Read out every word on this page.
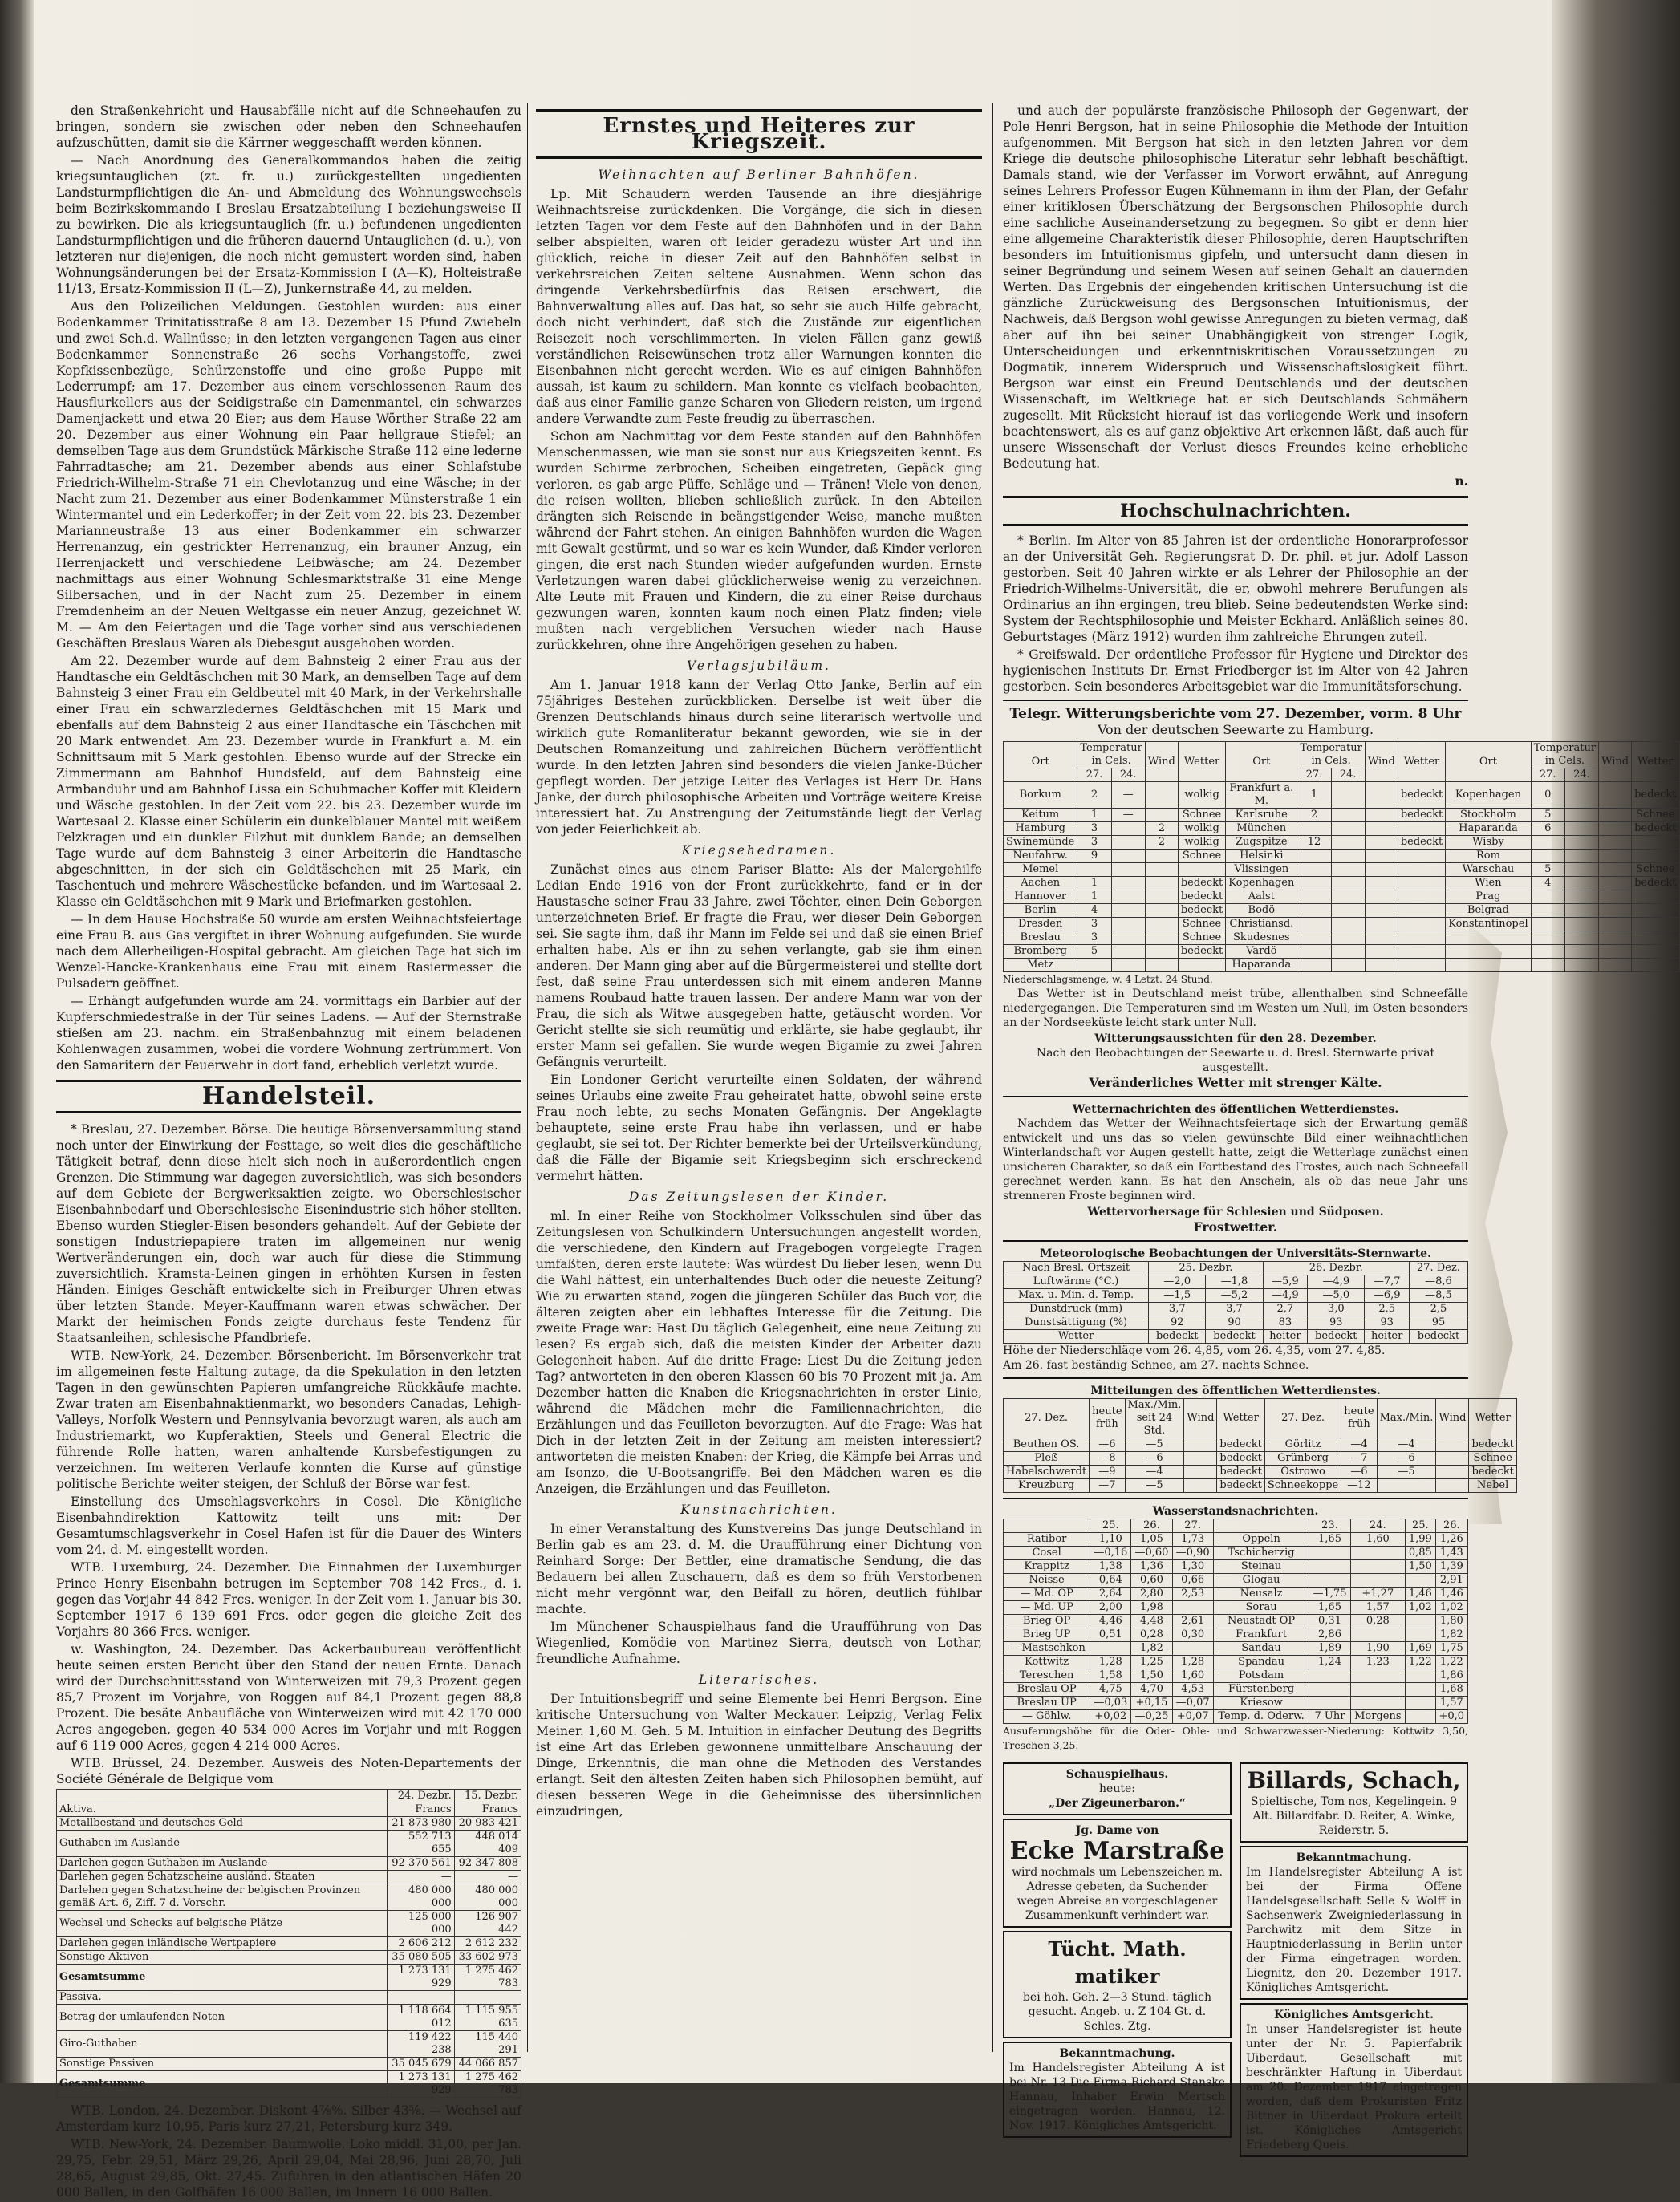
den Straßenkehricht und Hausabfälle nicht auf die Schneehaufen zu bringen, sondern sie zwischen oder neben den Schneehaufen aufzuschütten, damit sie die Kärrner weggeschafft werden können.

— Nach Anordnung des Generalkommandos haben die zeitig kriegsuntauglichen (zt. fr. u.) zurückgestellten ungedienten Landsturmpflichtigen die An- und Abmeldung des Wohnungswechsels beim Bezirkskommando I Breslau Ersatzabteilung I beziehungsweise II zu bewirken. Die als kriegsuntauglich (fr. u.) befundenen ungedienten Landsturmpflichtigen und die früheren dauernd Untauglichen (d. u.), von letzteren nur diejenigen, die noch nicht gemustert worden sind, haben Wohnungsänderungen bei der Ersatz-Kommission I (A—K), Holteistraße 11/13, Ersatz-Kommission II (L—Z), Junkernstraße 44, zu melden.

Aus den Polizeilichen Meldungen. Gestohlen wurden: aus einer Bodenkammer Trinitatisstraße 8 am 13. Dezember 15 Pfund Zwiebeln und zwei Sch.d. Wallnüsse; in den letzten vergangenen Tagen aus einer Bodenkammer Sonnenstraße 26 sechs Vorhangstoffe, zwei Kopfkissenbezüge, Schürzenstoffe und eine große Puppe mit Lederrumpf; am 17. Dezember aus einem verschlossenen Raum des Hausflurkellers aus der Seidigstraße ein Damenmantel, ein schwarzes Damenjackett und etwa 20 Eier; aus dem Hause Wörther Straße 22 am 20. Dezember aus einer Wohnung ein Paar hellgraue Stiefel; an demselben Tage aus dem Grundstück Märkische Straße 112 eine lederne Fahrradtasche; am 21. Dezember abends aus einer Schlafstube Friedrich-Wilhelm-Straße 71 ein Chevlotanzug und eine Wäsche; in der Nacht zum 21. Dezember aus einer Bodenkammer Münsterstraße 1 ein Wintermantel und ein Lederkoffer; in der Zeit vom 22. bis 23. Dezember Marianneustraße 13 aus einer Bodenkammer ein schwarzer Herrenanzug, ein gestrickter Herrenanzug, ein brauner Anzug, ein Herrenjackett und verschiedene Leibwäsche; am 24. Dezember nachmittags aus einer Wohnung Schlesmarktstraße 31 eine Menge Silbersachen, und in der Nacht zum 25. Dezember in einem Fremdenheim an der Neuen Weltgasse ein neuer Anzug, gezeichnet W. M. — Am den Feiertagen und die Tage vorher sind aus verschiedenen Geschäften Breslaus Waren als Diebesgut ausgehoben worden.

Am 22. Dezember wurde auf dem Bahnsteig 2 einer Frau aus der Handtasche ein Geldtäschchen mit 30 Mark, an demselben Tage auf dem Bahnsteig 3 einer Frau ein Geldbeutel mit 40 Mark, in der Verkehrshalle einer Frau ein schwarzledernes Geldtäschchen mit 15 Mark und ebenfalls auf dem Bahnsteig 2 aus einer Handtasche ein Täschchen mit 20 Mark entwendet. Am 23. Dezember wurde in Frankfurt a. M. ein Schnittsaum mit 5 Mark gestohlen. Ebenso wurde auf der Strecke ein Zimmermann am Bahnhof Hundsfeld, auf dem Bahnsteig eine Armbanduhr und am Bahnhof Lissa ein Schuhmacher Koffer mit Kleidern und Wäsche gestohlen. In der Zeit vom 22. bis 23. Dezember wurde im Wartesaal 2. Klasse einer Schülerin ein dunkelblauer Mantel mit weißem Pelzkragen und ein dunkler Filzhut mit dunklem Bande; an demselben Tage wurde auf dem Bahnsteig 3 einer Arbeiterin die Handtasche abgeschnitten, in der sich ein Geldtäschchen mit 25 Mark, ein Taschentuch und mehrere Wäschestücke befanden, und im Wartesaal 2. Klasse ein Geldtäschchen mit 9 Mark und Briefmarken gestohlen.

— In dem Hause Hochstraße 50 wurde am ersten Weihnachtsfeiertage eine Frau B. aus Gas vergiftet in ihrer Wohnung aufgefunden. Sie wurde nach dem Allerheiligen-Hospital gebracht. Am gleichen Tage hat sich im Wenzel-Hancke-Krankenhaus eine Frau mit einem Rasiermesser die Pulsadern geöffnet.

— Erhängt aufgefunden wurde am 24. vormittags ein Barbier auf der Kupferschmiedestraße in der Tür seines Ladens. — Auf der Sternstraße stießen am 23. nachm. ein Straßenbahnzug mit einem beladenen Kohlenwagen zusammen, wobei die vordere Wohnung zertrümmert. Von den Samaritern der Feuerwehr in dort fand, erheblich verletzt wurde.

Handelsteil.

* Breslau, 27. Dezember. Börse. Die heutige Börsenversammlung stand noch unter der Einwirkung der Festtage, so weit dies die geschäftliche Tätigkeit betraf, denn diese hielt sich noch in außerordentlich engen Grenzen. Die Stimmung war dagegen zuversichtlich, was sich besonders auf dem Gebiete der Bergwerksaktien zeigte, wo Oberschlesischer Eisenbahnbedarf und Oberschlesische Eisenindustrie sich höher stellten. Ebenso wurden Stiegler-Eisen besonders gehandelt. Auf der Gebiete der sonstigen Industriepapiere traten im allgemeinen nur wenig Wertveränderungen ein, doch war auch für diese die Stimmung zuversichtlich. Kramsta-Leinen gingen in erhöhten Kursen in festen Händen. Einiges Geschäft entwickelte sich in Freiburger Uhren etwas über letzten Stande. Meyer-Kauffmann waren etwas schwächer. Der Markt der heimischen Fonds zeigte durchaus feste Tendenz für Staatsanleihen, schlesische Pfandbriefe.

WTB. New-York, 24. Dezember. Börsenbericht. Im Börsenverkehr trat im allgemeinen feste Haltung zutage, da die Spekulation in den letzten Tagen in den gewünschten Papieren umfangreiche Rückkäufe machte. Zwar traten am Eisenbahnaktienmarkt, wo besonders Canadas, Lehigh-Valleys, Norfolk Western und Pennsylvania bevorzugt waren, als auch am Industriemarkt, wo Kupferaktien, Steels und General Electric die führende Rolle hatten, waren anhaltende Kursbefestigungen zu verzeichnen. Im weiteren Verlaufe konnten die Kurse auf günstige politische Berichte weiter steigen, der Schluß der Börse war fest.

Einstellung des Umschlagsverkehrs in Cosel. Die Königliche Eisenbahndirektion Kattowitz teilt uns mit: Der Gesamtumschlagsverkehr in Cosel Hafen ist für die Dauer des Winters vom 24. d. M. eingestellt worden.

WTB. Luxemburg, 24. Dezember. Die Einnahmen der Luxemburger Prince Henry Eisenbahn betrugen im September 708 142 Frcs., d. i. gegen das Vorjahr 44 842 Frcs. weniger. In der Zeit vom 1. Januar bis 30. September 1917 6 139 691 Frcs. oder gegen die gleiche Zeit des Vorjahrs 80 366 Frcs. weniger.

w. Washington, 24. Dezember. Das Ackerbaubureau veröffentlicht heute seinen ersten Bericht über den Stand der neuen Ernte. Danach wird der Durchschnittsstand von Winterweizen mit 79,3 Prozent gegen 85,7 Prozent im Vorjahre, von Roggen auf 84,1 Prozent gegen 88,8 Prozent. Die besäte Anbaufläche von Winterweizen wird mit 42 170 000 Acres angegeben, gegen 40 534 000 Acres im Vorjahr und mit Roggen auf 6 119 000 Acres, gegen 4 214 000 Acres.

WTB. Brüssel, 24. Dezember. Ausweis des Noten-Departements der Société Générale de Belgique vom

	24. Dezbr.	15. Dezbr.
Aktiva.	Francs	Francs
Metallbestand und deutsches Geld	21 873 980	20 983 421
Guthaben im Auslande	552 713 655	448 014 409
Darlehen gegen Guthaben im Auslande	92 370 561	92 347 808
Darlehen gegen Schatzscheine ausländ. Staaten	—	—
Darlehen gegen Schatzscheine der belgischen Provinzen gemäß Art. 6, Ziff. 7 d. Vorschr.	480 000 000	480 000 000
Wechsel und Schecks auf belgische Plätze	125 000 000	126 907 442
Darlehen gegen inländische Wertpapiere	2 606 212	2 612 232
Sonstige Aktiven	35 080 505	33 602 973
Gesamtsumme	1 273 131 929	1 275 462 783
Passiva.		
Betrag der umlaufenden Noten	1 118 664 012	1 115 955 635
Giro-Guthaben	119 422 238	115 440 291
Sonstige Passiven	35 045 679	44 066 857
Gesamtsumme	1 273 131 929	1 275 462 783

WTB. London, 24. Dezember. Diskont 4⅞%. Silber 43⅝. — Wechsel auf Amsterdam kurz 10,95, Paris kurz 27,21, Petersburg kurz 349.

WTB. New-York, 24. Dezember. Baumwolle. Loko middl. 31,00, per Jan. 29,75, Febr. 29,51, März 29,26, April 29,04, Mai 28,96, Juni 28,70, Juli 28,65, August 29,85, Okt. 27,45. Zufuhren in den atlantischen Häfen 20 000 Ballen, in den Golfhäfen 16 000 Ballen, im Innern 16 000 Ballen.

Ernstes und Heiteres zur Kriegszeit.
Weihnachten auf Berliner Bahnhöfen.

Lp. Mit Schaudern werden Tausende an ihre diesjährige Weihnachtsreise zurückdenken. Die Vorgänge, die sich in diesen letzten Tagen vor dem Feste auf den Bahnhöfen und in der Bahn selber abspielten, waren oft leider geradezu wüster Art und ihn glücklich, reiche in dieser Zeit auf den Bahnhöfen selbst in verkehrsreichen Zeiten seltene Ausnahmen. Wenn schon das dringende Verkehrsbedürfnis das Reisen erschwert, die Bahnverwaltung alles auf. Das hat, so sehr sie auch Hilfe gebracht, doch nicht verhindert, daß sich die Zustände zur eigentlichen Reisezeit noch verschlimmerten. In vielen Fällen ganz gewiß verständlichen Reisewünschen trotz aller Warnungen konnten die Eisenbahnen nicht gerecht werden. Wie es auf einigen Bahnhöfen aussah, ist kaum zu schildern. Man konnte es vielfach beobachten, daß aus einer Familie ganze Scharen von Gliedern reisten, um irgend andere Verwandte zum Feste freudig zu überraschen.

Schon am Nachmittag vor dem Feste standen auf den Bahnhöfen Menschenmassen, wie man sie sonst nur aus Kriegszeiten kennt. Es wurden Schirme zerbrochen, Scheiben eingetreten, Gepäck ging verloren, es gab arge Püffe, Schläge und — Tränen! Viele von denen, die reisen wollten, blieben schließlich zurück. In den Abteilen drängten sich Reisende in beängstigender Weise, manche mußten während der Fahrt stehen. An einigen Bahnhöfen wurden die Wagen mit Gewalt gestürmt, und so war es kein Wunder, daß Kinder verloren gingen, die erst nach Stunden wieder aufgefunden wurden. Ernste Verletzungen waren dabei glücklicherweise wenig zu verzeichnen. Alte Leute mit Frauen und Kindern, die zu einer Reise durchaus gezwungen waren, konnten kaum noch einen Platz finden; viele mußten nach vergeblichen Versuchen wieder nach Hause zurückkehren, ohne ihre Angehörigen gesehen zu haben.

Verlagsjubiläum.

Am 1. Januar 1918 kann der Verlag Otto Janke, Berlin auf ein 75jähriges Bestehen zurückblicken. Derselbe ist weit über die Grenzen Deutschlands hinaus durch seine literarisch wertvolle und wirklich gute Romanliteratur bekannt geworden, wie sie in der Deutschen Romanzeitung und zahlreichen Büchern veröffentlicht wurde. In den letzten Jahren sind besonders die vielen Janke-Bücher gepflegt worden. Der jetzige Leiter des Verlages ist Herr Dr. Hans Janke, der durch philosophische Arbeiten und Vorträge weitere Kreise interessiert hat. Zu Anstrengung der Zeitumstände liegt der Verlag von jeder Feierlichkeit ab.

Kriegsehedramen.

Zunächst eines aus einem Pariser Blatte: Als der Malergehilfe Ledian Ende 1916 von der Front zurückkehrte, fand er in der Haustasche seiner Frau 33 Jahre, zwei Töchter, einen Dein Geborgen unterzeichneten Brief. Er fragte die Frau, wer dieser Dein Geborgen sei. Sie sagte ihm, daß ihr Mann im Felde sei und daß sie einen Brief erhalten habe. Als er ihn zu sehen verlangte, gab sie ihm einen anderen. Der Mann ging aber auf die Bürgermeisterei und stellte dort fest, daß seine Frau unterdessen sich mit einem anderen Manne namens Roubaud hatte trauen lassen. Der andere Mann war von der Frau, die sich als Witwe ausgegeben hatte, getäuscht worden. Vor Gericht stellte sie sich reumütig und erklärte, sie habe geglaubt, ihr erster Mann sei gefallen. Sie wurde wegen Bigamie zu zwei Jahren Gefängnis verurteilt.

Ein Londoner Gericht verurteilte einen Soldaten, der während seines Urlaubs eine zweite Frau geheiratet hatte, obwohl seine erste Frau noch lebte, zu sechs Monaten Gefängnis. Der Angeklagte behauptete, seine erste Frau habe ihn verlassen, und er habe geglaubt, sie sei tot. Der Richter bemerkte bei der Urteilsverkündung, daß die Fälle der Bigamie seit Kriegsbeginn sich erschreckend vermehrt hätten.

Das Zeitungslesen der Kinder.

ml. In einer Reihe von Stockholmer Volksschulen sind über das Zeitungslesen von Schulkindern Untersuchungen angestellt worden, die verschiedene, den Kindern auf Fragebogen vorgelegte Fragen umfaßten, deren erste lautete: Was würdest Du lieber lesen, wenn Du die Wahl hättest, ein unterhaltendes Buch oder die neueste Zeitung? Wie zu erwarten stand, zogen die jüngeren Schüler das Buch vor, die älteren zeigten aber ein lebhaftes Interesse für die Zeitung. Die zweite Frage war: Hast Du täglich Gelegenheit, eine neue Zeitung zu lesen? Es ergab sich, daß die meisten Kinder der Arbeiter dazu Gelegenheit haben. Auf die dritte Frage: Liest Du die Zeitung jeden Tag? antworteten in den oberen Klassen 60 bis 70 Prozent mit ja. Am Dezember hatten die Knaben die Kriegsnachrichten in erster Linie, während die Mädchen mehr die Familiennachrichten, die Erzählungen und das Feuilleton bevorzugten. Auf die Frage: Was hat Dich in der letzten Zeit in der Zeitung am meisten interessiert? antworteten die meisten Knaben: der Krieg, die Kämpfe bei Arras und am Isonzo, die U-Bootsangriffe. Bei den Mädchen waren es die Anzeigen, die Erzählungen und das Feuilleton.

Kunstnachrichten.

In einer Veranstaltung des Kunstvereins Das junge Deutschland in Berlin gab es am 23. d. M. die Uraufführung einer Dichtung von Reinhard Sorge: Der Bettler, eine dramatische Sendung, die das Bedauern bei allen Zuschauern, daß es dem so früh Verstorbenen nicht mehr vergönnt war, den Beifall zu hören, deutlich fühlbar machte.

Im Münchener Schauspielhaus fand die Uraufführung von Das Wiegenlied, Komödie von Martinez Sierra, deutsch von Lothar, freundliche Aufnahme.

Literarisches.

Der Intuitionsbegriff und seine Elemente bei Henri Bergson. Eine kritische Untersuchung von Walter Meckauer. Leipzig, Verlag Felix Meiner. 1,60 M. Geh. 5 M. Intuition in einfacher Deutung des Begriffs ist eine Art das Erleben gewonnene unmittelbare Anschauung der Dinge, Erkenntnis, die man ohne die Methoden des Verstandes erlangt. Seit den ältesten Zeiten haben sich Philosophen bemüht, auf diesen besseren Wege in die Geheimnisse des übersinnlichen einzudringen,

und auch der populärste französische Philosoph der Gegenwart, der Pole Henri Bergson, hat in seine Philosophie die Methode der Intuition aufgenommen. Mit Bergson hat sich in den letzten Jahren vor dem Kriege die deutsche philosophische Literatur sehr lebhaft beschäftigt. Damals stand, wie der Verfasser im Vorwort erwähnt, auf Anregung seines Lehrers Professor Eugen Kühnemann in ihm der Plan, der Gefahr einer kritiklosen Überschätzung der Bergsonschen Philosophie durch eine sachliche Auseinandersetzung zu begegnen. So gibt er denn hier eine allgemeine Charakteristik dieser Philosophie, deren Hauptschriften besonders im Intuitionismus gipfeln, und untersucht dann diesen in seiner Begründung und seinem Wesen auf seinen Gehalt an dauernden Werten. Das Ergebnis der eingehenden kritischen Untersuchung ist die gänzliche Zurückweisung des Bergsonschen Intuitionismus, der Nachweis, daß Bergson wohl gewisse Anregungen zu bieten vermag, daß aber auf ihn bei seiner Unabhängigkeit von strenger Logik, Unterscheidungen und erkenntniskritischen Voraussetzungen zu Dogmatik, innerem Widerspruch und Wissenschaftslosigkeit führt. Bergson war einst ein Freund Deutschlands und der deutschen Wissenschaft, im Weltkriege hat er sich Deutschlands Schmähern zugesellt. Mit Rücksicht hierauf ist das vorliegende Werk und insofern beachtenswert, als es auf ganz objektive Art erkennen läßt, daß auch für unsere Wissenschaft der Verlust dieses Freundes keine erhebliche Bedeutung hat.

n.
Hochschulnachrichten.

* Berlin. Im Alter von 85 Jahren ist der ordentliche Honorarprofessor an der Universität Geh. Regierungsrat D. Dr. phil. et jur. Adolf Lasson gestorben. Seit 40 Jahren wirkte er als Lehrer der Philosophie an der Friedrich-Wilhelms-Universität, die er, obwohl mehrere Berufungen als Ordinarius an ihn ergingen, treu blieb. Seine bedeutendsten Werke sind: System der Rechtsphilosophie und Meister Eckhard. Anläßlich seines 80. Geburtstages (März 1912) wurden ihm zahlreiche Ehrungen zuteil.

* Greifswald. Der ordentliche Professor für Hygiene und Direktor des hygienischen Instituts Dr. Ernst Friedberger ist im Alter von 42 Jahren gestorben. Sein besonderes Arbeitsgebiet war die Immunitätsforschung.

Telegr. Witterungsberichte vom 27. Dezember, vorm. 8 Uhr
Von der deutschen Seewarte zu Hamburg.
Ort	Temperatur in Cels.		Wind	Wetter	Ort	Temperatur in Cels.		Wind	Wetter	Ort	Temperatur in Cels.		Wind	Wetter
	27.	24.				27.	24.				27.	24.		
Borkum	2	—		wolkig	Frankfurt a. M.	1			bedeckt	Kopenhagen	0			bedeckt
Keitum	1	—		Schnee	Karlsruhe	2			bedeckt	Stockholm	5			Schnee
Hamburg	3		2	wolkig	München					Haparanda	6			bedeckt
Swinemünde	3		2	wolkig	Zugspitze	12			bedeckt	Wisby				
Neufahrw.	9			Schnee	Helsinki					Rom				
Memel					Vlissingen					Warschau	5			Schnee
Aachen	1			bedeckt	Kopenhagen					Wien	4			bedeckt
Hannover	1			bedeckt	Aalst					Prag				
Berlin	4			bedeckt	Bodö					Belgrad				
Dresden	3			Schnee	Christiansd.					Konstantinopel				
Breslau	3			Schnee	Skudesnes									
Bromberg	5			bedeckt	Vardö									
Metz					Haparanda									
Niederschlagsmenge, w. 4 Letzt. 24 Stund.

Das Wetter ist in Deutschland meist trübe, allenthalben sind Schneefälle niedergegangen. Die Temperaturen sind im Westen um Null, im Osten besonders an der Nordseeküste leicht stark unter Null.

Witterungsaussichten für den 28. Dezember.
Nach den Beobachtungen der Seewarte u. d. Bresl. Sternwarte privat ausgestellt.
Veränderliches Wetter mit strenger Kälte.
Wetternachrichten des öffentlichen Wetterdienstes.

Nachdem das Wetter der Weihnachtsfeiertage sich der Erwartung gemäß entwickelt und uns das so vielen gewünschte Bild einer weihnachtlichen Winterlandschaft vor Augen gestellt hatte, zeigt die Wetterlage zunächst einen unsicheren Charakter, so daß ein Fortbestand des Frostes, auch nach Schneefall gerechnet werden kann. Es hat den Anschein, als ob das neue Jahr uns strenneren Froste beginnen wird.

Wettervorhersage für Schlesien und Südposen.
Frostwetter.
Meteorologische Beobachtungen der Universitäts-Sternwarte.
Nach Bresl. Ortszeit	25. Dezbr.		26. Dezbr.			27. Dez.
Luftwärme (°C.)	—2,0	—1,8	—5,9	—4,9	—7,7	—8,6
Max. u. Min. d. Temp.	—1,5	—5,2	—4,9	—5,0	—6,9	—8,5
Dunstdruck (mm)	3,7	3,7	2,7	3,0	2,5	2,5
Dunstsättigung (%)	92	90	83	93	93	95
Wetter	bedeckt	bedeckt	heiter	bedeckt	heiter	bedeckt
Höhe der Niederschläge vom 26. 4,85, vom 26. 4,35, vom 27. 4,85.
Am 26. fast beständig Schnee, am 27. nachts Schnee.
Mitteilungen des öffentlichen Wetterdienstes.
27. Dez.	heute früh	Max./Min. seit 24 Std.	Wind	Wetter	27. Dez.	heute früh	Max./Min.	Wind	Wetter
Beuthen OS.	—6	—5		bedeckt	Görlitz	—4	—4		bedeckt
Pleß	—8	—6		bedeckt	Grünberg	—7	—6		Schnee
Habelschwerdt	—9	—4		bedeckt	Ostrowo	—6	—5		bedeckt
Kreuzburg	—7	—5		bedeckt	Schneekoppe	—12			Nebel
Wasserstandsnachrichten.
	25.	26.	27.		23.	24.	25.	26.
Ratibor	1,10	1,05	1,73	Oppeln	1,65	1,60	1,99	1,26
Cosel	—0,16	—0,60	—0,90	Tschicherzig			0,85	1,43
Krappitz	1,38	1,36	1,30	Steinau			1,50	1,39
Neisse	0,64	0,60	0,66	Glogau				2,91
— Md. OP	2,64	2,80	2,53	Neusalz	—1,75	+1,27	1,46	1,46
— Md. UP	2,00	1,98		Sorau	1,65	1,57	1,02	1,02
Brieg OP	4,46	4,48	2,61	Neustadt OP	0,31	0,28		1,80
Brieg UP	0,51	0,28	0,30	Frankfurt	2,86			1,82
— Mastschkon		1,82		Sandau	1,89	1,90	1,69	1,75
Kottwitz	1,28	1,25	1,28	Spandau	1,24	1,23	1,22	1,22
Tereschen	1,58	1,50	1,60	Potsdam				1,86
Breslau OP	4,75	4,70	4,53	Fürstenberg				1,68
Breslau UP	—0,03	+0,15	—0,07	Kriesow				1,57
— Göhlw.	+0,02	—0,25	+0,07	Temp. d. Oderw.	7 Uhr	Morgens		+0,0
Ausuferungshöhe für die Oder- Ohle- und Schwarzwasser-Niederung: Kottwitz 3,50, Treschen 3,25.
Schauspielhaus.
heute:
„Der Zigeunerbaron.“
Jg. Dame von
Ecke Marstraße
wird nochmals um Lebenszeichen m. Adresse gebeten, da Suchender wegen Abreise an vorgeschlagener Zusammenkunft verhindert war.
Tücht. Math. matiker
bei hoh. Geh. 2—3 Stund. täglich gesucht. Angeb. u. Z 104 Gt. d. Schles. Ztg.
Bekanntmachung.
Im Handelsregister Abteilung A ist bei Nr. 13 Die Firma Richard Stanske Hannau, Inhaber Erwin Mertsch eingetragen worden. Hannau, 12. Nov. 1917. Königliches Amtsgericht.
Billards, Schach,
Spieltische, Tom nos, Kegelingein. 9 Alt. Billardfabr. D. Reiter, A. Winke, Reiderstr. 5.
Bekanntmachung.
Im Handelsregister Abteilung A ist bei der Firma Offene Handelsgesellschaft Selle & Wolff in Sachsenwerk Zweigniederlassung in Parchwitz mit dem Sitze in Hauptniederlassung in Berlin unter der Firma eingetragen worden. Liegnitz, den 20. Dezember 1917. Königliches Amtsgericht.
Königliches Amtsgericht.
In unser Handelsregister ist heute unter der Nr. 5. Papierfabrik Uiberdaut, Gesellschaft mit beschränkter Haftung in Uiberdaut am 20. Dezember 1917 eingetragen worden, daß dem Prokuristen Fritz Bittner in Uiberdaut Prokura erteilt ist. Königliches Amtsgericht Friedeberg Queis.
